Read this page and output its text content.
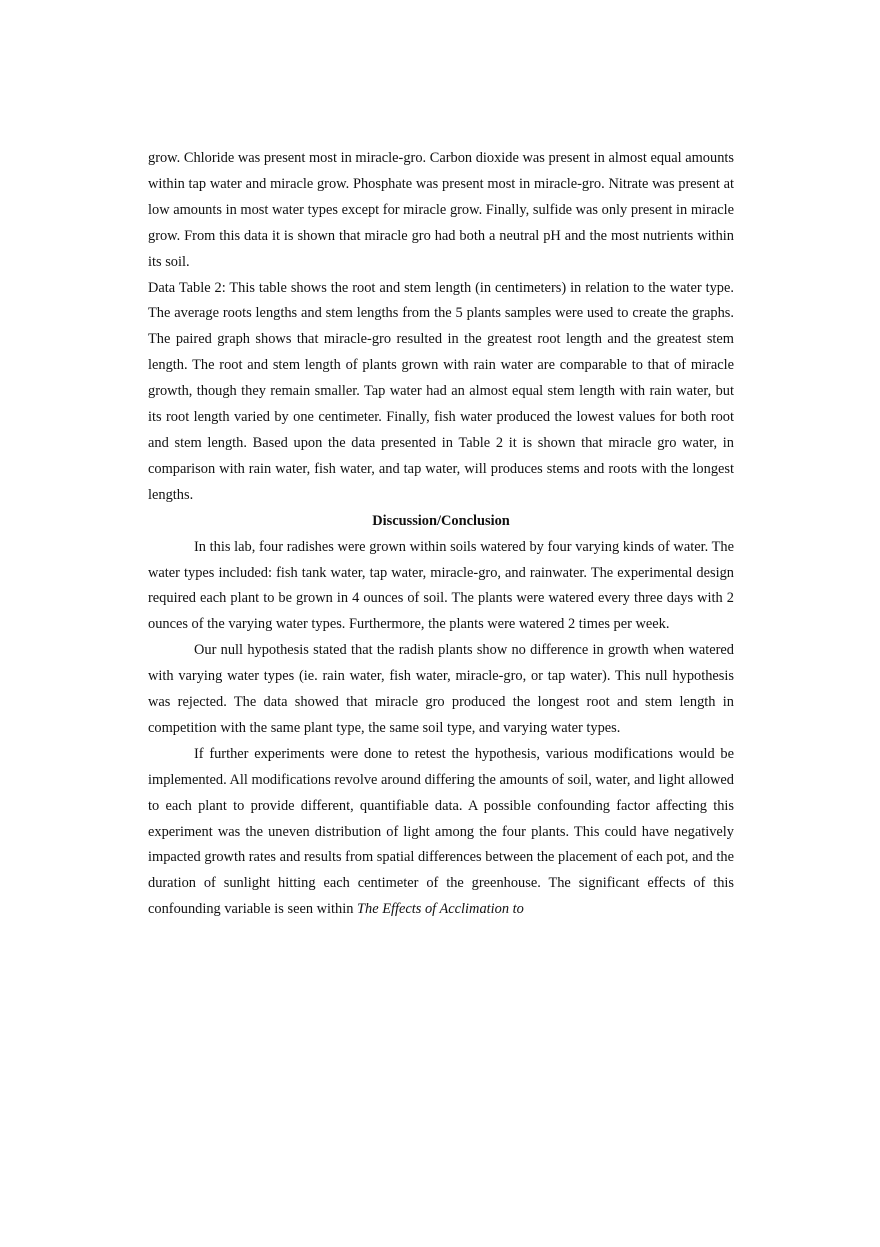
grow. Chloride was present most in miracle-gro. Carbon dioxide was present in almost equal amounts within tap water and miracle grow. Phosphate was present most in miracle-gro. Nitrate was present at low amounts in most water types except for miracle grow. Finally, sulfide was only present in miracle grow. From this data it is shown that miracle gro had both a neutral pH and the most nutrients within its soil.

Data Table 2: This table shows the root and stem length (in centimeters) in relation to the water type. The average roots lengths and stem lengths from the 5 plants samples were used to create the graphs. The paired graph shows that miracle-gro resulted in the greatest root length and the greatest stem length. The root and stem length of plants grown with rain water are comparable to that of miracle growth, though they remain smaller. Tap water had an almost equal stem length with rain water, but its root length varied by one centimeter. Finally, fish water produced the lowest values for both root and stem length. Based upon the data presented in Table 2 it is shown that miracle gro water, in comparison with rain water, fish water, and tap water, will produces stems and roots with the longest lengths.

Discussion/Conclusion

In this lab, four radishes were grown within soils watered by four varying kinds of water. The water types included: fish tank water, tap water, miracle-gro, and rainwater. The experimental design required each plant to be grown in 4 ounces of soil. The plants were watered every three days with 2 ounces of the varying water types. Furthermore, the plants were watered 2 times per week.

Our null hypothesis stated that the radish plants show no difference in growth when watered with varying water types (ie. rain water, fish water, miracle-gro, or tap water). This null hypothesis was rejected. The data showed that miracle gro produced the longest root and stem length in competition with the same plant type, the same soil type, and varying water types.

If further experiments were done to retest the hypothesis, various modifications would be implemented. All modifications revolve around differing the amounts of soil, water, and light allowed to each plant to provide different, quantifiable data. A possible confounding factor affecting this experiment was the uneven distribution of light among the four plants. This could have negatively impacted growth rates and results from spatial differences between the placement of each pot, and the duration of sunlight hitting each centimeter of the greenhouse. The significant effects of this confounding variable is seen within The Effects of Acclimation to
